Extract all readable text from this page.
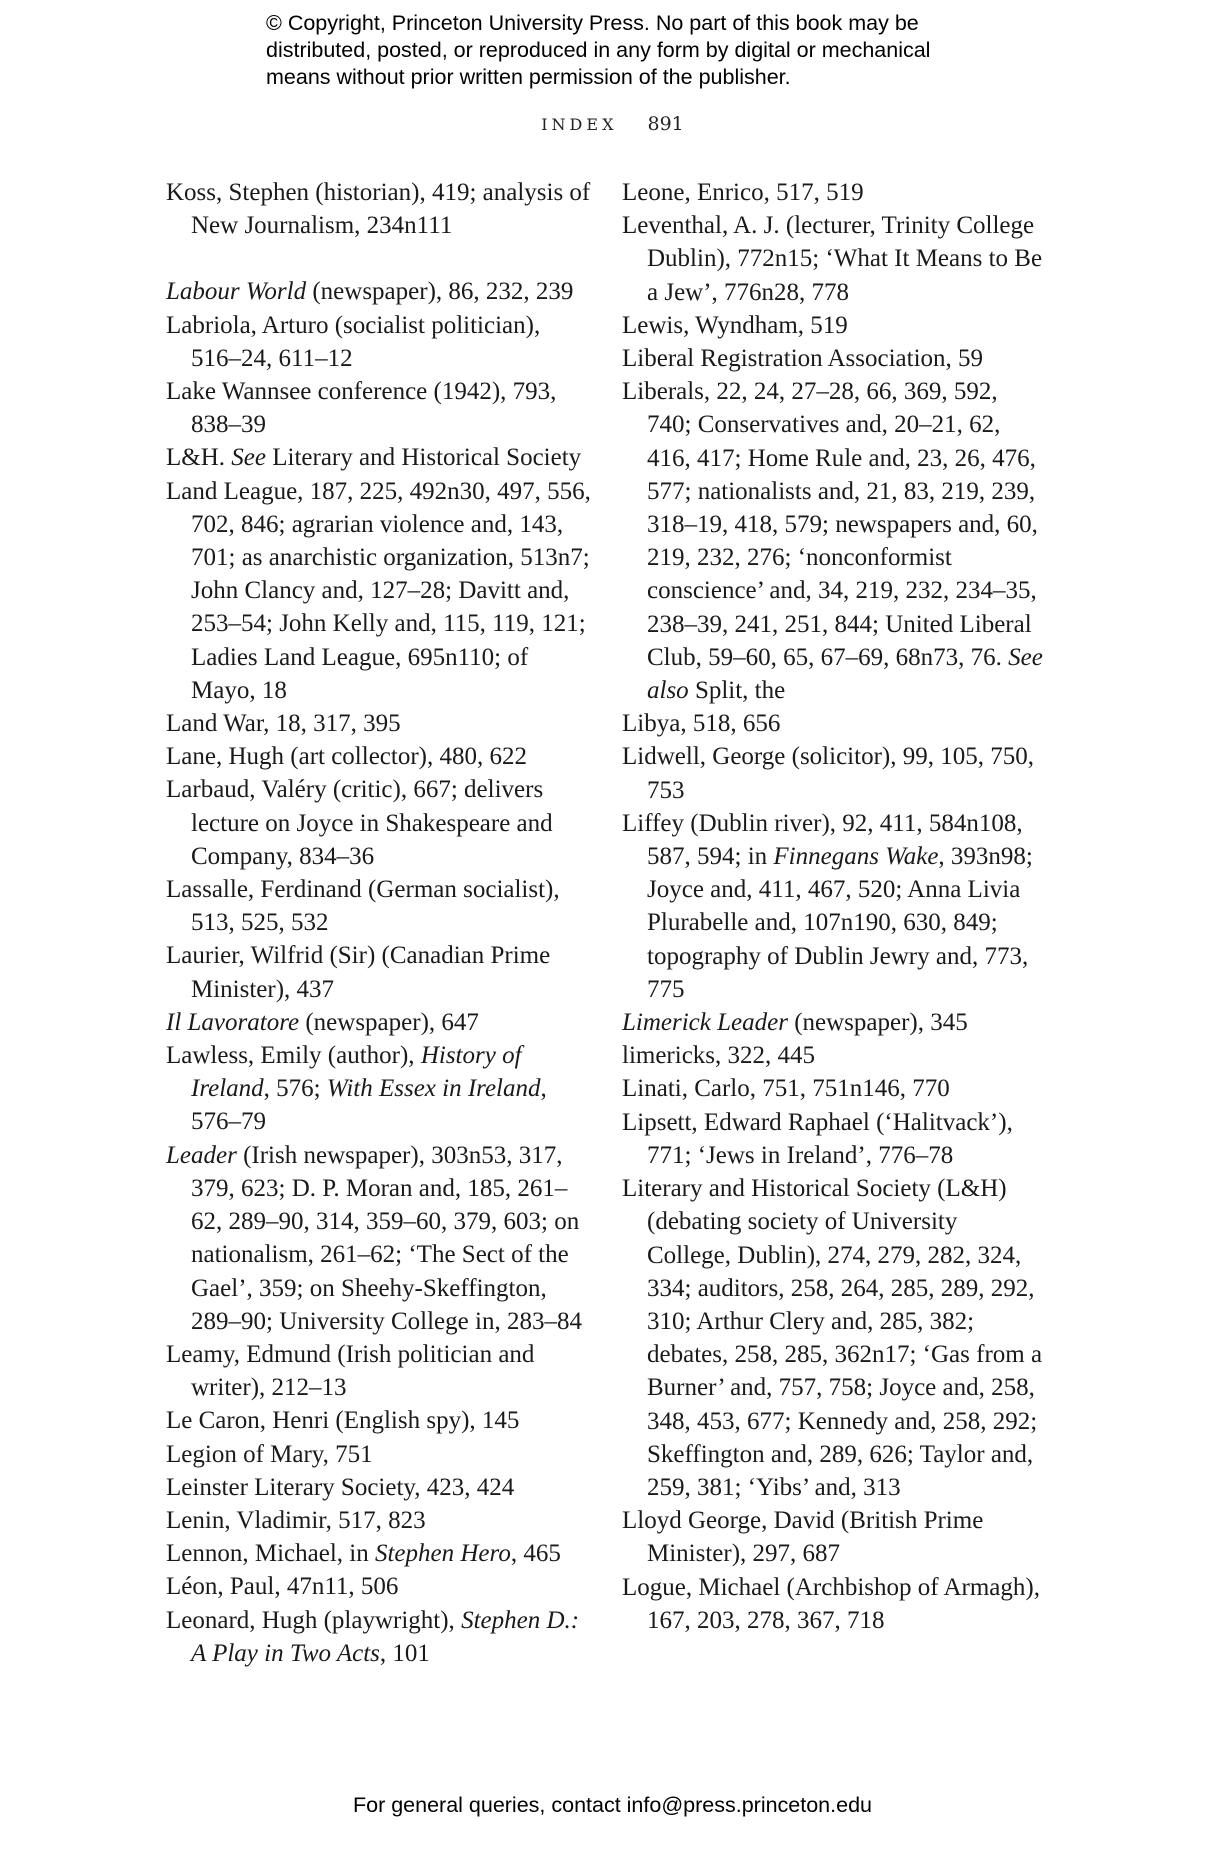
© Copyright, Princeton University Press. No part of this book may be
distributed, posted, or reproduced in any form by digital or mechanical
means without prior written permission of the publisher.
INDEX 891
Koss, Stephen (historian), 419; analysis of New Journalism, 234n111
Labour World (newspaper), 86, 232, 239
Labriola, Arturo (socialist politician), 516–24, 611–12
Lake Wannsee conference (1942), 793, 838–39
L&H. See Literary and Historical Society
Land League, 187, 225, 492n30, 497, 556, 702, 846; agrarian violence and, 143, 701; as anarchistic organization, 513n7; John Clancy and, 127–28; Davitt and, 253–54; John Kelly and, 115, 119, 121; Ladies Land League, 695n110; of Mayo, 18
Land War, 18, 317, 395
Lane, Hugh (art collector), 480, 622
Larbaud, Valéry (critic), 667; delivers lecture on Joyce in Shakespeare and Company, 834–36
Lassalle, Ferdinand (German socialist), 513, 525, 532
Laurier, Wilfrid (Sir) (Canadian Prime Minister), 437
Il Lavoratore (newspaper), 647
Lawless, Emily (author), History of Ireland, 576; With Essex in Ireland, 576–79
Leader (Irish newspaper), 303n53, 317, 379, 623; D. P. Moran and, 185, 261–62, 289–90, 314, 359–60, 379, 603; on nationalism, 261–62; ‘The Sect of the Gael’, 359; on Sheehy-Skeffington, 289–90; University College in, 283–84
Leamy, Edmund (Irish politician and writer), 212–13
Le Caron, Henri (English spy), 145
Legion of Mary, 751
Leinster Literary Society, 423, 424
Lenin, Vladimir, 517, 823
Lennon, Michael, in Stephen Hero, 465
Léon, Paul, 47n11, 506
Leonard, Hugh (playwright), Stephen D.: A Play in Two Acts, 101
Leone, Enrico, 517, 519
Leventhal, A. J. (lecturer, Trinity College Dublin), 772n15; ‘What It Means to Be a Jew’, 776n28, 778
Lewis, Wyndham, 519
Liberal Registration Association, 59
Liberals, 22, 24, 27–28, 66, 369, 592, 740; Conservatives and, 20–21, 62, 416, 417; Home Rule and, 23, 26, 476, 577; nationalists and, 21, 83, 219, 239, 318–19, 418, 579; newspapers and, 60, 219, 232, 276; ‘nonconformist conscience’ and, 34, 219, 232, 234–35, 238–39, 241, 251, 844; United Liberal Club, 59–60, 65, 67–69, 68n73, 76. See also Split, the
Libya, 518, 656
Lidwell, George (solicitor), 99, 105, 750, 753
Liffey (Dublin river), 92, 411, 584n108, 587, 594; in Finnegans Wake, 393n98; Joyce and, 411, 467, 520; Anna Livia Plurabelle and, 107n190, 630, 849; topography of Dublin Jewry and, 773, 775
Limerick Leader (newspaper), 345
limericks, 322, 445
Linati, Carlo, 751, 751n146, 770
Lipsett, Edward Raphael (‘Halitvack’), 771; ‘Jews in Ireland’, 776–78
Literary and Historical Society (L&H) (debating society of University College, Dublin), 274, 279, 282, 324, 334; auditors, 258, 264, 285, 289, 292, 310; Arthur Clery and, 285, 382; debates, 258, 285, 362n17; ‘Gas from a Burner’ and, 757, 758; Joyce and, 258, 348, 453, 677; Kennedy and, 258, 292; Skeffington and, 289, 626; Taylor and, 259, 381; ‘Yibs’ and, 313
Lloyd George, David (British Prime Minister), 297, 687
Logue, Michael (Archbishop of Armagh), 167, 203, 278, 367, 718
For general queries, contact info@press.princeton.edu
